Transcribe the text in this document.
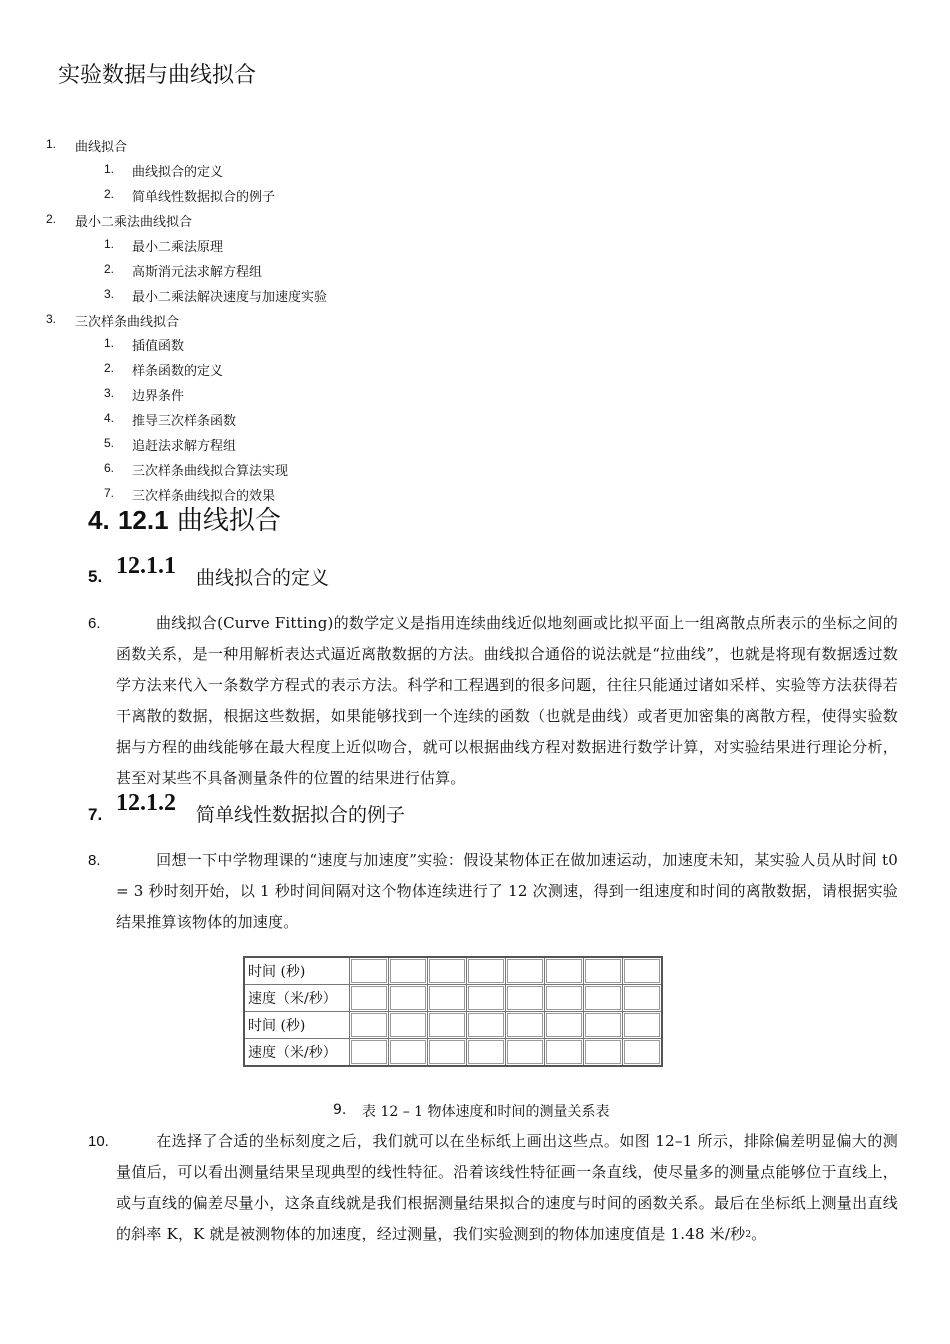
实验数据与曲线拟合
1. 曲线拟合
1. 曲线拟合的定义
2. 简单线性数据拟合的例子
2. 最小二乘法曲线拟合
1. 最小二乘法原理
2. 高斯消元法求解方程组
3. 最小二乘法解决速度与加速度实验
3. 三次样条曲线拟合
1. 插值函数
2. 样条函数的定义
3. 边界条件
4. 推导三次样条函数
5. 追赶法求解方程组
6. 三次样条曲线拟合算法实现
7. 三次样条曲线拟合的效果
4. 12.1 曲线拟合
5. 12.1.1 曲线拟合的定义
6.	曲线拟合(Curve Fitting)的数学定义是指用连续曲线近似地刻画或比拟平面上一组离散点所表示的坐标之间的函数关系，是一种用解析表达式逼近离散数据的方法。曲线拟合通俗的说法就是“拉曲线”，也就是将现有数据透过数学方法来代入一条数学方程式的表示方法。科学和工程遇到的很多问题，往往只能通过诸如采样、实验等方法获得若干离散的数据，根据这些数据，如果能够找到一个连续的函数（也就是曲线）或者更加密集的离散方程，使得实验数据与方程的曲线能够在最大程度上近似吻合，就可以根据曲线方程对数据进行数学计算，对实验结果进行理论分析，甚至对某些不具备测量条件的位置的结果进行估算。
7. 12.1.2 简单线性数据拟合的例子
8.	回想一下中学物理课的“速度与加速度”实验：假设某物体正在做加速运动，加速度未知，某实验人员从时间 t0 = 3 秒时刻开始，以 1 秒时间间隔对这个物体连续进行了 12 次测速，得到一组速度和时间的离散数据，请根据实验结果推算该物体的加速度。
时间 (秒)	

速度（米/秒）	

时间 (秒)	

速度（米/秒）	

9. 表 12 – 1 物体速度和时间的测量关系表
10.	在选择了合适的坐标刻度之后，我们就可以在坐标纸上画出这些点。如图 12–1 所示，排除偏差明显偏大的测量值后，可以看出测量结果呈现典型的线性特征。沿着该线性特征画一条直线，使尽量多的测量点能够位于直线上，或与直线的偏差尽量小，这条直线就是我们根据测量结果拟合的速度与时间的函数关系。最后在坐标纸上测量出直线的斜率 K，K 就是被测物体的加速度，经过测量，我们实验测到的物体加速度值是 1.48 米/秒$^2$。
